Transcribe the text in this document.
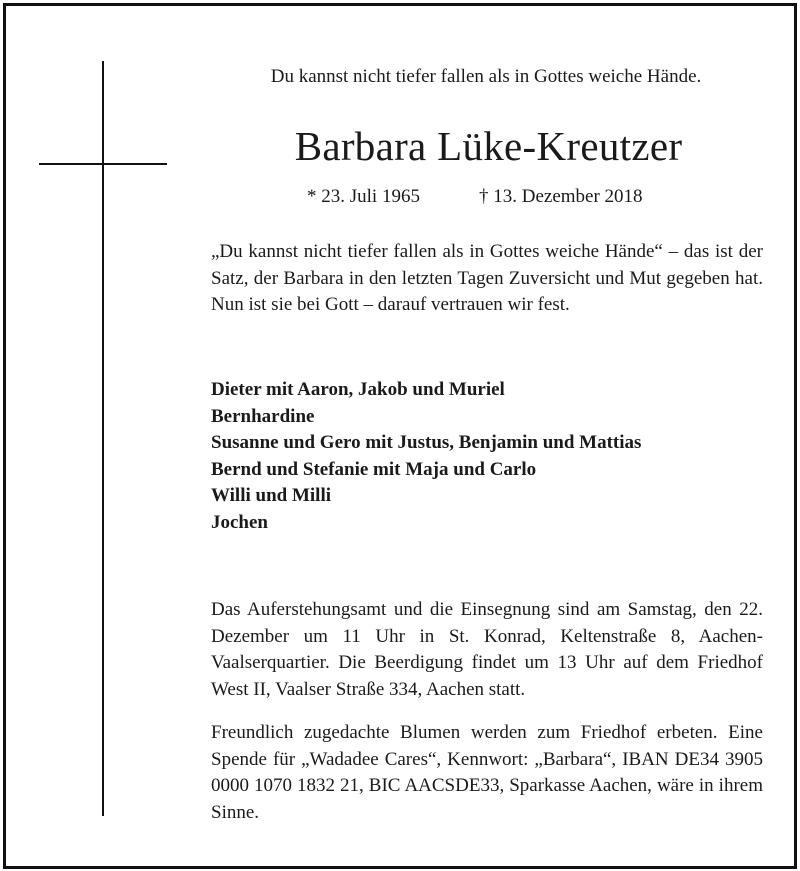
Du kannst nicht tiefer fallen als in Gottes weiche Hände.
Barbara Lüke-Kreutzer
* 23. Juli 1965	† 13. Dezember 2018
„Du kannst nicht tiefer fallen als in Gottes weiche Hände“ – das ist der Satz, der Barbara in den letzten Tagen Zuversicht und Mut gegeben hat. Nun ist sie bei Gott – darauf vertrauen wir fest.
Dieter mit Aaron, Jakob und Muriel
Bernhardine
Susanne und Gero mit Justus, Benjamin und Mattias
Bernd und Stefanie mit Maja und Carlo
Willi und Milli
Jochen
Das Auferstehungsamt und die Einsegnung sind am Samstag, den 22. Dezember um 11 Uhr in St. Konrad, Keltenstraße 8, Aachen-Vaalserquartier. Die Beerdigung findet um 13 Uhr auf dem Friedhof West II, Vaalser Straße 334, Aachen statt.
Freundlich zugedachte Blumen werden zum Friedhof erbeten. Eine Spende für „Wadadee Cares“, Kennwort: „Barbara“, IBAN DE34 3905 0000 1070 1832 21, BIC AACSDE33, Sparkasse Aachen, wäre in ihrem Sinne.
